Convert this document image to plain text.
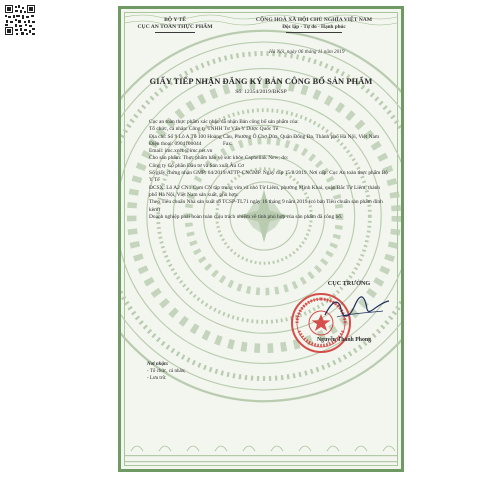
BỘ Y TẾ
CỤC AN TOÀN THỰC PHẨM
CỘNG HOÀ XÃ HỘI CHỦ NGHĨA VIỆT NAM
Độc lập - Tự do - Hạnh phúc
Hà Nội, ngày 06 tháng 11 năm 2019
GIẤY TIẾP NHẬN ĐĂNG KÝ BẢN CÔNG BỐ SẢN PHẨM
Số: 12354/2019/ĐKSP
Cục an toàn thực phẩm xác nhận đã nhận Bản công bố sản phẩm của:
Tổ chức, cá nhân: Công ty TNHH Tư Vấn Y Dược Quốc Tế
Địa chỉ: Số 9 Lô A Tổ 100 Hoàng Cầu, Phường Ô Chợ Dừa, Quận Đống Đa, Thành phố Hà Nội, Việt Nam
Điện thoại: 0904100044                Fax:
Email: imc.xncb@imc.net.vn
Cho sản phẩm: Thực phẩm bảo vệ sức khỏe Caphelink New; do:
Công ty Cổ phần Đầu tư và Sản xuất Âu Cơ
Số giấy chứng nhận GMP: 64/2019/ATTP-CNGMP. Ngày cấp 15/8/2019. Nơi cấp: Cục An toàn thực phẩm Bộ Y Tế
ĐCSX: Lô A2 CN1 Cụm CN tập trung vừa và nhỏ Từ Liêm, phường Minh Khai, quận Bắc Từ Liêm, thành phố Hà Nội, Việt Nam sản xuất, phù hợp:
Theo Tiêu chuẩn Nhà sản xuất số TCSP-TL71 ngày 16 tháng 9 năm 2019 (có bản Tiêu chuẩn sản phẩm đính kèm)
Doanh nghiệp phải hoàn toàn chịu trách nhiệm về tính phù hợp của sản phẩm đã công bố.
Nơi nhận:
- Tổ chức, cá nhân;
- Lưu trữ.
CỤC TRƯỞNG
Nguyễn Thanh Phong
